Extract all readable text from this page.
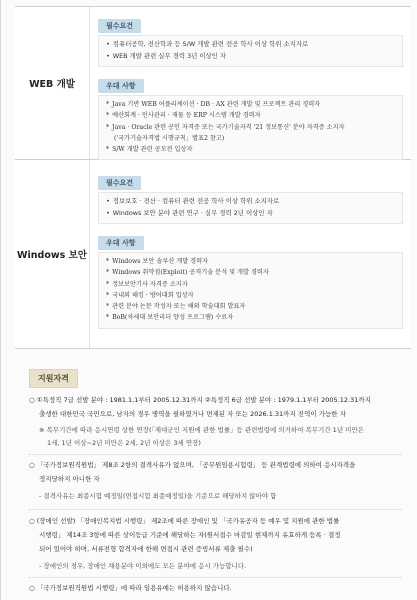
WEB 개발
필수요건
• 컴퓨터공학, 전산학과 등 S/W 개발 관련 전공 학사 이상 학위 소지자로
• WEB 개발 관련 실무 경력 3년 이상인 자
우대 사항
* Java 기반 WEB 어플리케이션 · DB · AX 관련 개발 및 프로젝트 관리 경력자
* 예산회계 · 인사관리 · 재물 등 ERP 시스템 개발 경력자
* Java · Oracle 관련 공인 자격증 또는 국가기술자격 '21 정보통신' 분야 자격증 소지자
('국가기술자격법 시행규칙」별표2 참고)
* S/W 개발 관련 공모전 입상자
Windows 보안
필수요건
• 정보보호 · 전산 · 컴퓨터 관련 전공 학사 이상 학위 소지자로
• Windows 보안 분야 관련 연구 · 실무 경력 2년 이상인 자
우대 사항
* Windows 보안 솔루션 개발 경력자
* Windows 취약점(Exploit) 공격기술 분석 및 개발 경력자
* 정보보안기사 자격증 소지자
* 국내외 해킹 · 방어대회 입상자
* 관련 분야 논문 작성자 또는 해외 학술대회 발표자
* BoB(차세대 보안리더 양성 프로그램) 수료자
지원자격
○ ①특정직 7급 선발 분야 : 1981.1.1부터 2005.12.31까지 ②특정직 6급 선발 분야 : 1979.1.1부터 2005.12.31까지
출생한 대한민국 국민으로, 남자의 경우 병역을 필하였거나 면제된 자 또는 2026.1.31까지 전역이 가능한 자
※ 복무기간에 따라 응시연령 상한 연장(「제대군인 지원에 관한 법률」등 관련법령에 의거하여 복무기간 1년 미만은
1세, 1년 이상~2년 미만은 2세, 2년 이상은 3세 연장)
○ 「국가정보원직원법」 제8조 2항의 결격사유가 없으며, 「공무원임용시험령」 등 관계법령에 의하여 응시자격을
정지당하지 아니한 자
- 결격사유는 최종시험 예정일(면접시험 최종예정일)을 기준으로 해당하지 않아야 함
○ (장애인 선발) 「장애인복지법 시행령」 제2조에 따른 장애인 및 「국가유공자 등 예우 및 지원에 관한 법률
시행령」 제14조 3항에 따른 상이등급 기준에 해당하는 자(원서접수 마감일 현재까지 유효하게 등록 · 결정
되어 있어야 하며, 서류전형 합격자에 한해 면접시 관련 증빙서류 제출 필수)
- 장애인의 경우, 장애인 채용분야 이외에도 모든 분야에 응시 가능합니다.
○ 「국가정보원직원법 시행령」에 따라 임용유예는 허용하지 않습니다.
